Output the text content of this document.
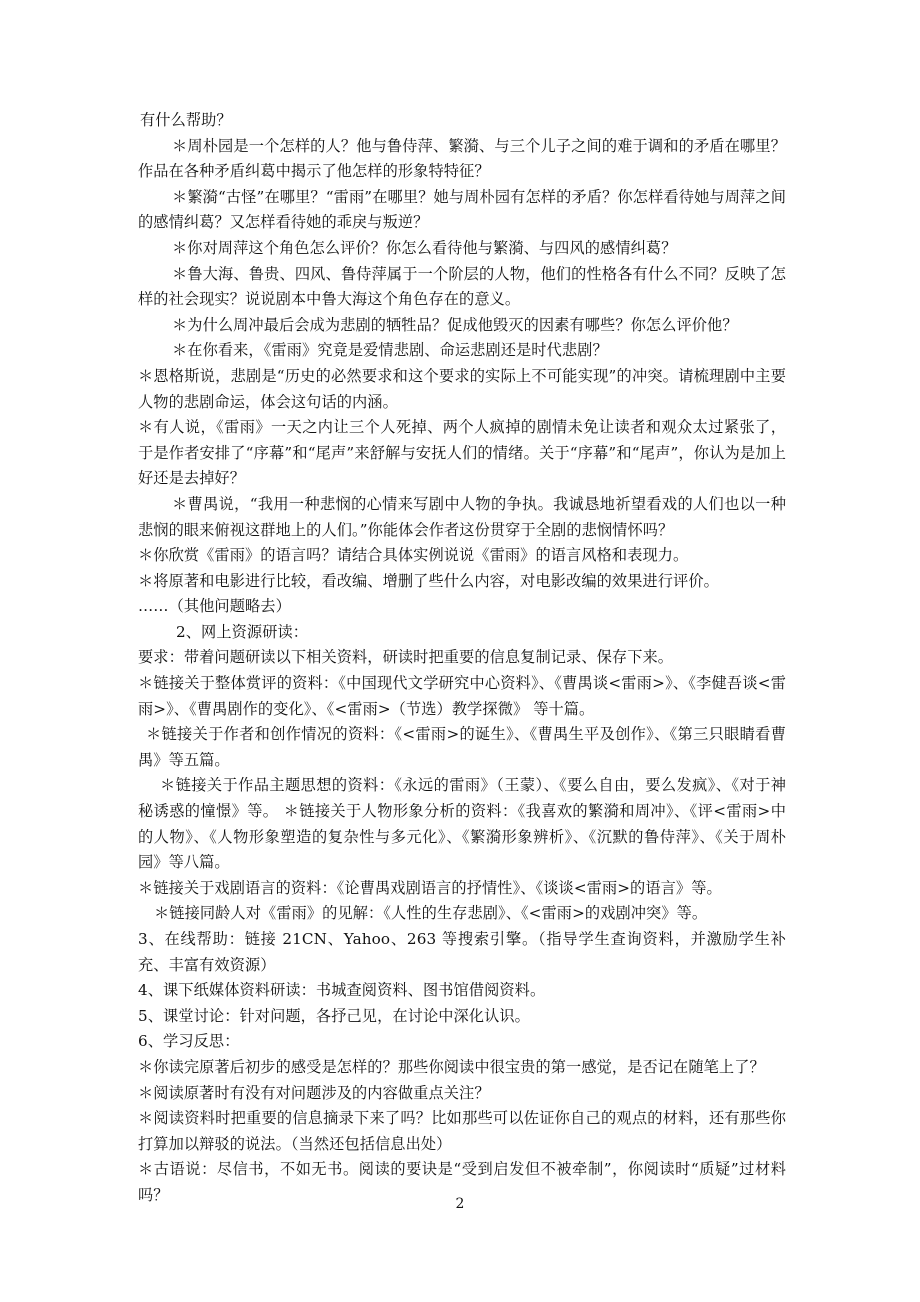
有什么帮助？

＊周朴园是一个怎样的人？他与鲁侍萍、繁漪、与三个儿子之间的难于调和的矛盾在哪里？作品在各种矛盾纠葛中揭示了他怎样的形象特特征？

＊繁漪“古怪”在哪里？“雷雨”在哪里？她与周朴园有怎样的矛盾？你怎样看待她与周萍之间的感情纠葛？又怎样看待她的乖戾与叛逆？

＊你对周萍这个角色怎么评价？你怎么看待他与繁漪、与四风的感情纠葛？

＊鲁大海、鲁贵、四风、鲁侍萍属于一个阶层的人物，他们的性格各有什么不同？反映了怎样的社会现实？说说剧本中鲁大海这个角色存在的意义。

＊为什么周冲最后会成为悲剧的牺牲品？促成他毁灭的因素有哪些？你怎么评价他？

＊在你看来，《雷雨》究竟是爱情悲剧、命运悲剧还是时代悲剧？

＊恩格斯说，悲剧是“历史的必然要求和这个要求的实际上不可能实现”的冲突。请梳理剧中主要人物的悲剧命运，体会这句话的内涵。

＊有人说，《雷雨》一天之内让三个人死掉、两个人疯掉的剧情未免让读者和观众太过紧张了，于是作者安排了“序幕”和“尾声”来舒解与安抚人们的情绪。关于“序幕”和“尾声”，你认为是加上好还是去掉好？

＊曹禺说，“我用一种悲悯的心情来写剧中人物的争执。我诚恳地祈望看戏的人们也以一种悲悯的眼来俯视这群地上的人们。”你能体会作者这份贯穿于全剧的悲悯情怀吗？

＊你欣赏《雷雨》的语言吗？请结合具体实例说说《雷雨》的语言风格和表现力。

＊将原著和电影进行比较，看改编、增删了些什么内容，对电影改编的效果进行评价。

……（其他问题略去）

2、网上资源研读：

要求：带着问题研读以下相关资料，研读时把重要的信息复制记录、保存下来。

＊链接关于整体赏评的资料：《中国现代文学研究中心资料》、《曹禺谈<雷雨>》、《李健吾谈<雷雨>》、《曹禺剧作的变化》、《<雷雨>（节选）教学探微》 等十篇。

＊链接关于作者和创作情况的资料：《<雷雨>的诞生》、《曹禺生平及创作》、《第三只眼睛看曹禺》等五篇。

＊链接关于作品主题思想的资料：《永远的雷雨》（王蒙）、《要么自由，要么发疯》、《对于神秘诱惑的憧憬》等。 ＊链接关于人物形象分析的资料：《我喜欢的繁漪和周冲》、《评<雷雨>中的人物》、《人物形象塑造的复杂性与多元化》、《繁漪形象辨析》、《沉默的鲁侍萍》、《关于周朴园》等八篇。

＊链接关于戏剧语言的资料：《论曹禺戏剧语言的抒情性》、《谈谈<雷雨>的语言》等。

＊链接同龄人对《雷雨》的见解：《人性的生存悲剧》、《<雷雨>的戏剧冲突》等。

3、在线帮助：链接 21CN、Yahoo、263 等搜索引擎。（指导学生查询资料，并激励学生补充、丰富有效资源）

4、课下纸媒体资料研读：书城查阅资料、图书馆借阅资料。

5、课堂讨论：针对问题，各抒己见，在讨论中深化认识。

6、学习反思：

＊你读完原著后初步的感受是怎样的？那些你阅读中很宝贵的第一感觉，是否记在随笔上了？

＊阅读原著时有没有对问题涉及的内容做重点关注？

＊阅读资料时把重要的信息摘录下来了吗？比如那些可以佐证你自己的观点的材料，还有那些你打算加以辩驳的说法。（当然还包括信息出处）

＊古语说：尽信书，不如无书。阅读的要诀是“受到启发但不被牵制”，你阅读时“质疑”过材料吗？

2
